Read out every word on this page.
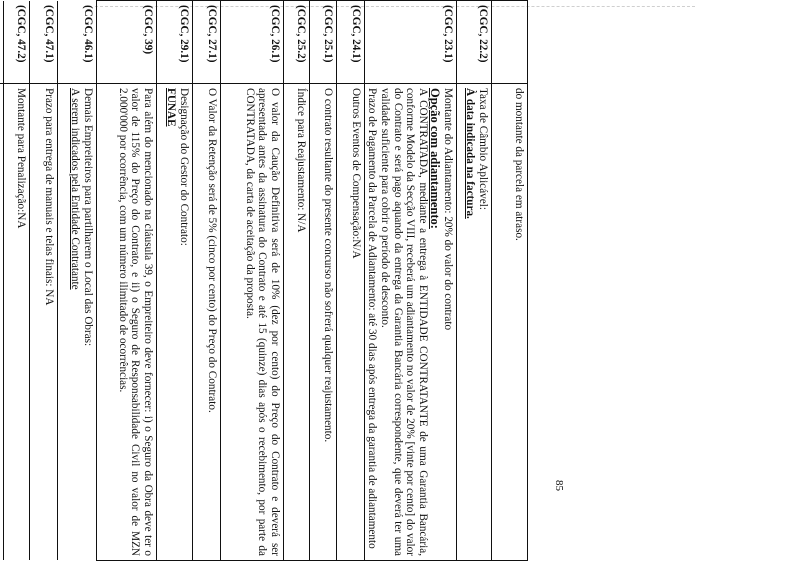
do montante da parcela em atraso.

(CGC, 22.2)

Taxa de Câmbio Aplicável:

À data indicada na factura.

(CGC, 23.1)

Montante do Adiantamento: 20% do valor do contrato

Opção com adiantamento:

A CONTRATADA, mediante a entrega à ENTIDADE CONTRATANTE de uma Garantia Bancária, conforme Modelo da Secção VIII, receberá um adiantamento no valor de 20% [vinte por cento] do valor do Contrato e será pago aquando da entrega da Garantia Bancária correspondente, que deverá ter uma validade suficiente para cobrir o período de desconto.

Prazo de Pagamento da Parcela de Adiantamento: até 30 dias após entrega da garantia de adiantamento

(CGC, 24.1)

Outros Eventos de Compensação:N/A

(CGC, 25.1)

O contrato resultante do presente concurso não sofrerá qualquer reajustamento.

(CGC, 25.2)

Índice para Reajustamento: N/A

(CGC, 26.1)

O valor da Caução Definitiva será de 10% (dez por cento) do Preço do Contrato e deverá ser apresentada antes da assinatura do Contrato e até 15 (quinze) dias após o recebimento, por parte da CONTRATADA, da carta de aceitação da proposta.

(CGC, 27.1)

O Valor da Retenção será de 5% (cinco por cento) do Preço do Contrato.

(CGC, 29.1)

Designação do Gestor do Contrato:

FUNAE

(CGC, 39)

Para além do mencionado na cláusula 39, o Empreiteiro deve fornecer: i) o Seguro da Obra deve ter o valor de 115% do Preço do Contrato, e ii) o Seguro de Responsabilidade Civil no valor de MZN 2.000'000 por ocorrência, com um número ilimitado de ocorrências.

(CGC, 46.1)

Demais Empreiteiros para partilharem o Local das Obras:

A serem indicados pela Entidade Contratante

(CGC, 47.1)

Prazo para entrega de manuais e telas finais: NA

(CGC, 47.2)

Montante para Penalização:NA

85
